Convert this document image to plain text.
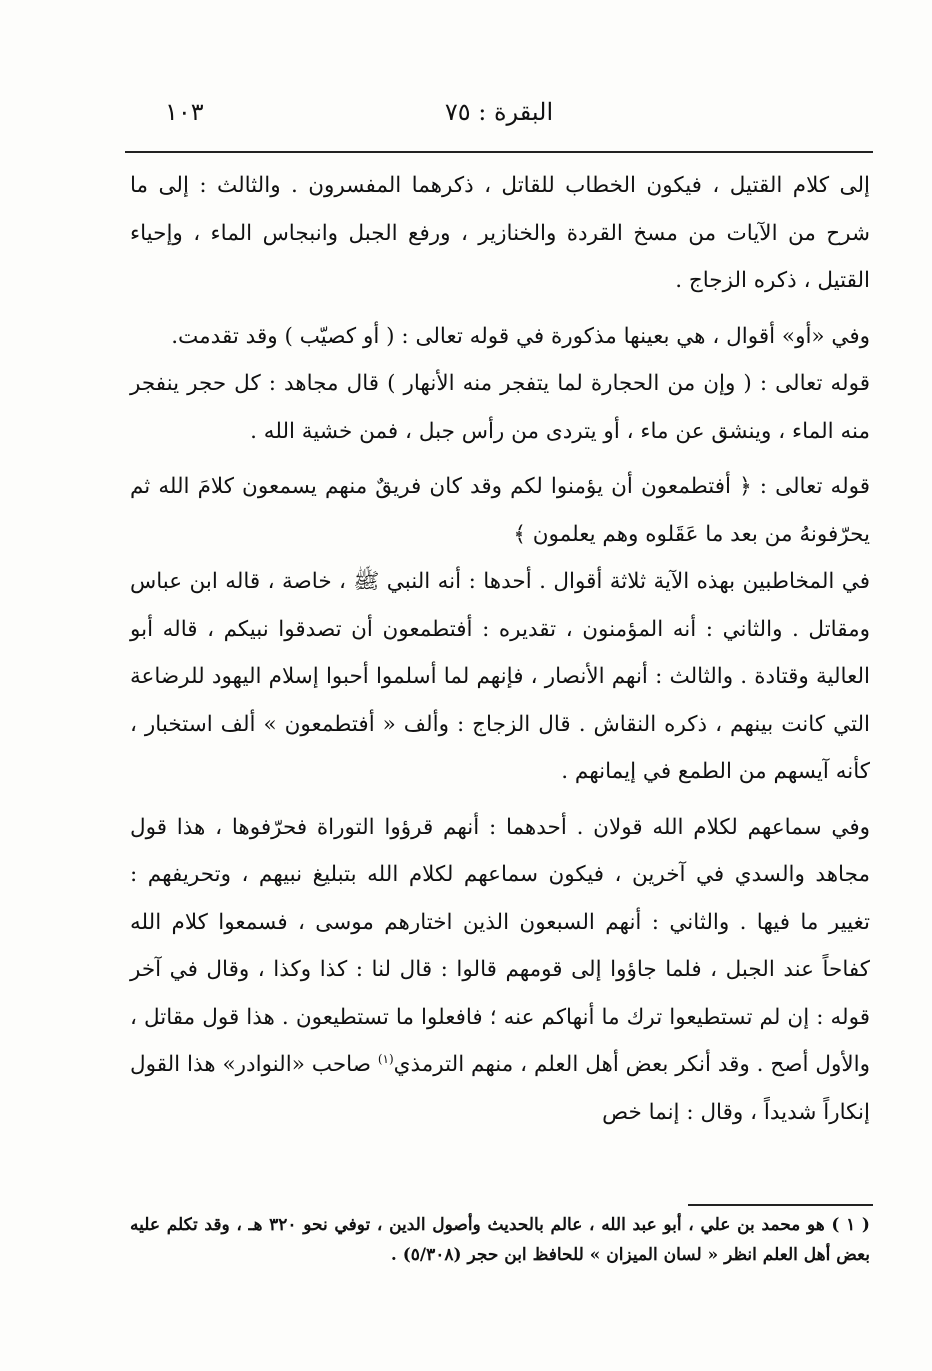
البقرة : ٧٥
١٠٣

إلى كلام القتيل ، فيكون الخطاب للقاتل ، ذكرهما المفسرون . والثالث : إلى ما شرح من الآيات من مسخ القردة والخنازير ، ورفع الجبل وانبجاس الماء ، وإحياء القتيل ، ذكره الزجاج .

وفي «أو» أقوال ، هي بعينها مذكورة في قوله تعالى : ( أو كصيّب ) وقد تقدمت.

قوله تعالى : ( وإن من الحجارة لما يتفجر منه الأنهار ) قال مجاهد : كل حجر ينفجر منه الماء ، وينشق عن ماء ، أو يتردى من رأس جبل ، فمن خشية الله .

قوله تعالى : ﴿ أفتطمعون أن يؤمنوا لكم وقد كان فريقٌ منهم يسمعون كلامَ الله ثم يحرّفونهُ من بعد ما عَقَلوه وهم يعلمون ﴾

في المخاطبين بهذه الآية ثلاثة أقوال . أحدها : أنه النبي ﷺ ، خاصة ، قاله ابن عباس ومقاتل . والثاني : أنه المؤمنون ، تقديره : أفتطمعون أن تصدقوا نبيكم ، قاله أبو العالية وقتادة . والثالث : أنهم الأنصار ، فإنهم لما أسلموا أحبوا إسلام اليهود للرضاعة التي كانت بينهم ، ذكره النقاش . قال الزجاج : وألف « أفتطمعون » ألف استخبار ، كأنه آيسهم من الطمع في إيمانهم .

وفي سماعهم لكلام الله قولان . أحدهما : أنهم قرؤوا التوراة فحرّفوها ، هذا قول مجاهد والسدي في آخرين ، فيكون سماعهم لكلام الله بتبليغ نبيهم ، وتحريفهم : تغيير ما فيها . والثاني : أنهم السبعون الذين اختارهم موسى ، فسمعوا كلام الله كفاحاً عند الجبل ، فلما جاؤوا إلى قومهم قالوا : قال لنا : كذا وكذا ، وقال في آخر قوله : إن لم تستطيعوا ترك ما أنهاكم عنه ؛ فافعلوا ما تستطيعون . هذا قول مقاتل ، والأول أصح . وقد أنكر بعض أهل العلم ، منهم الترمذي$^{(١)}$ صاحب «النوادر» هذا القول إنكاراً شديداً ، وقال : إنما خص

( ١ ) هو محمد بن علي ، أبو عبد الله ، عالم بالحديث وأصول الدين ، توفي نحو ٣٢٠ هـ ، وقد تكلم عليه بعض أهل العلم انظر « لسان الميزان » للحافظ ابن حجر (٥/٣٠٨) .
